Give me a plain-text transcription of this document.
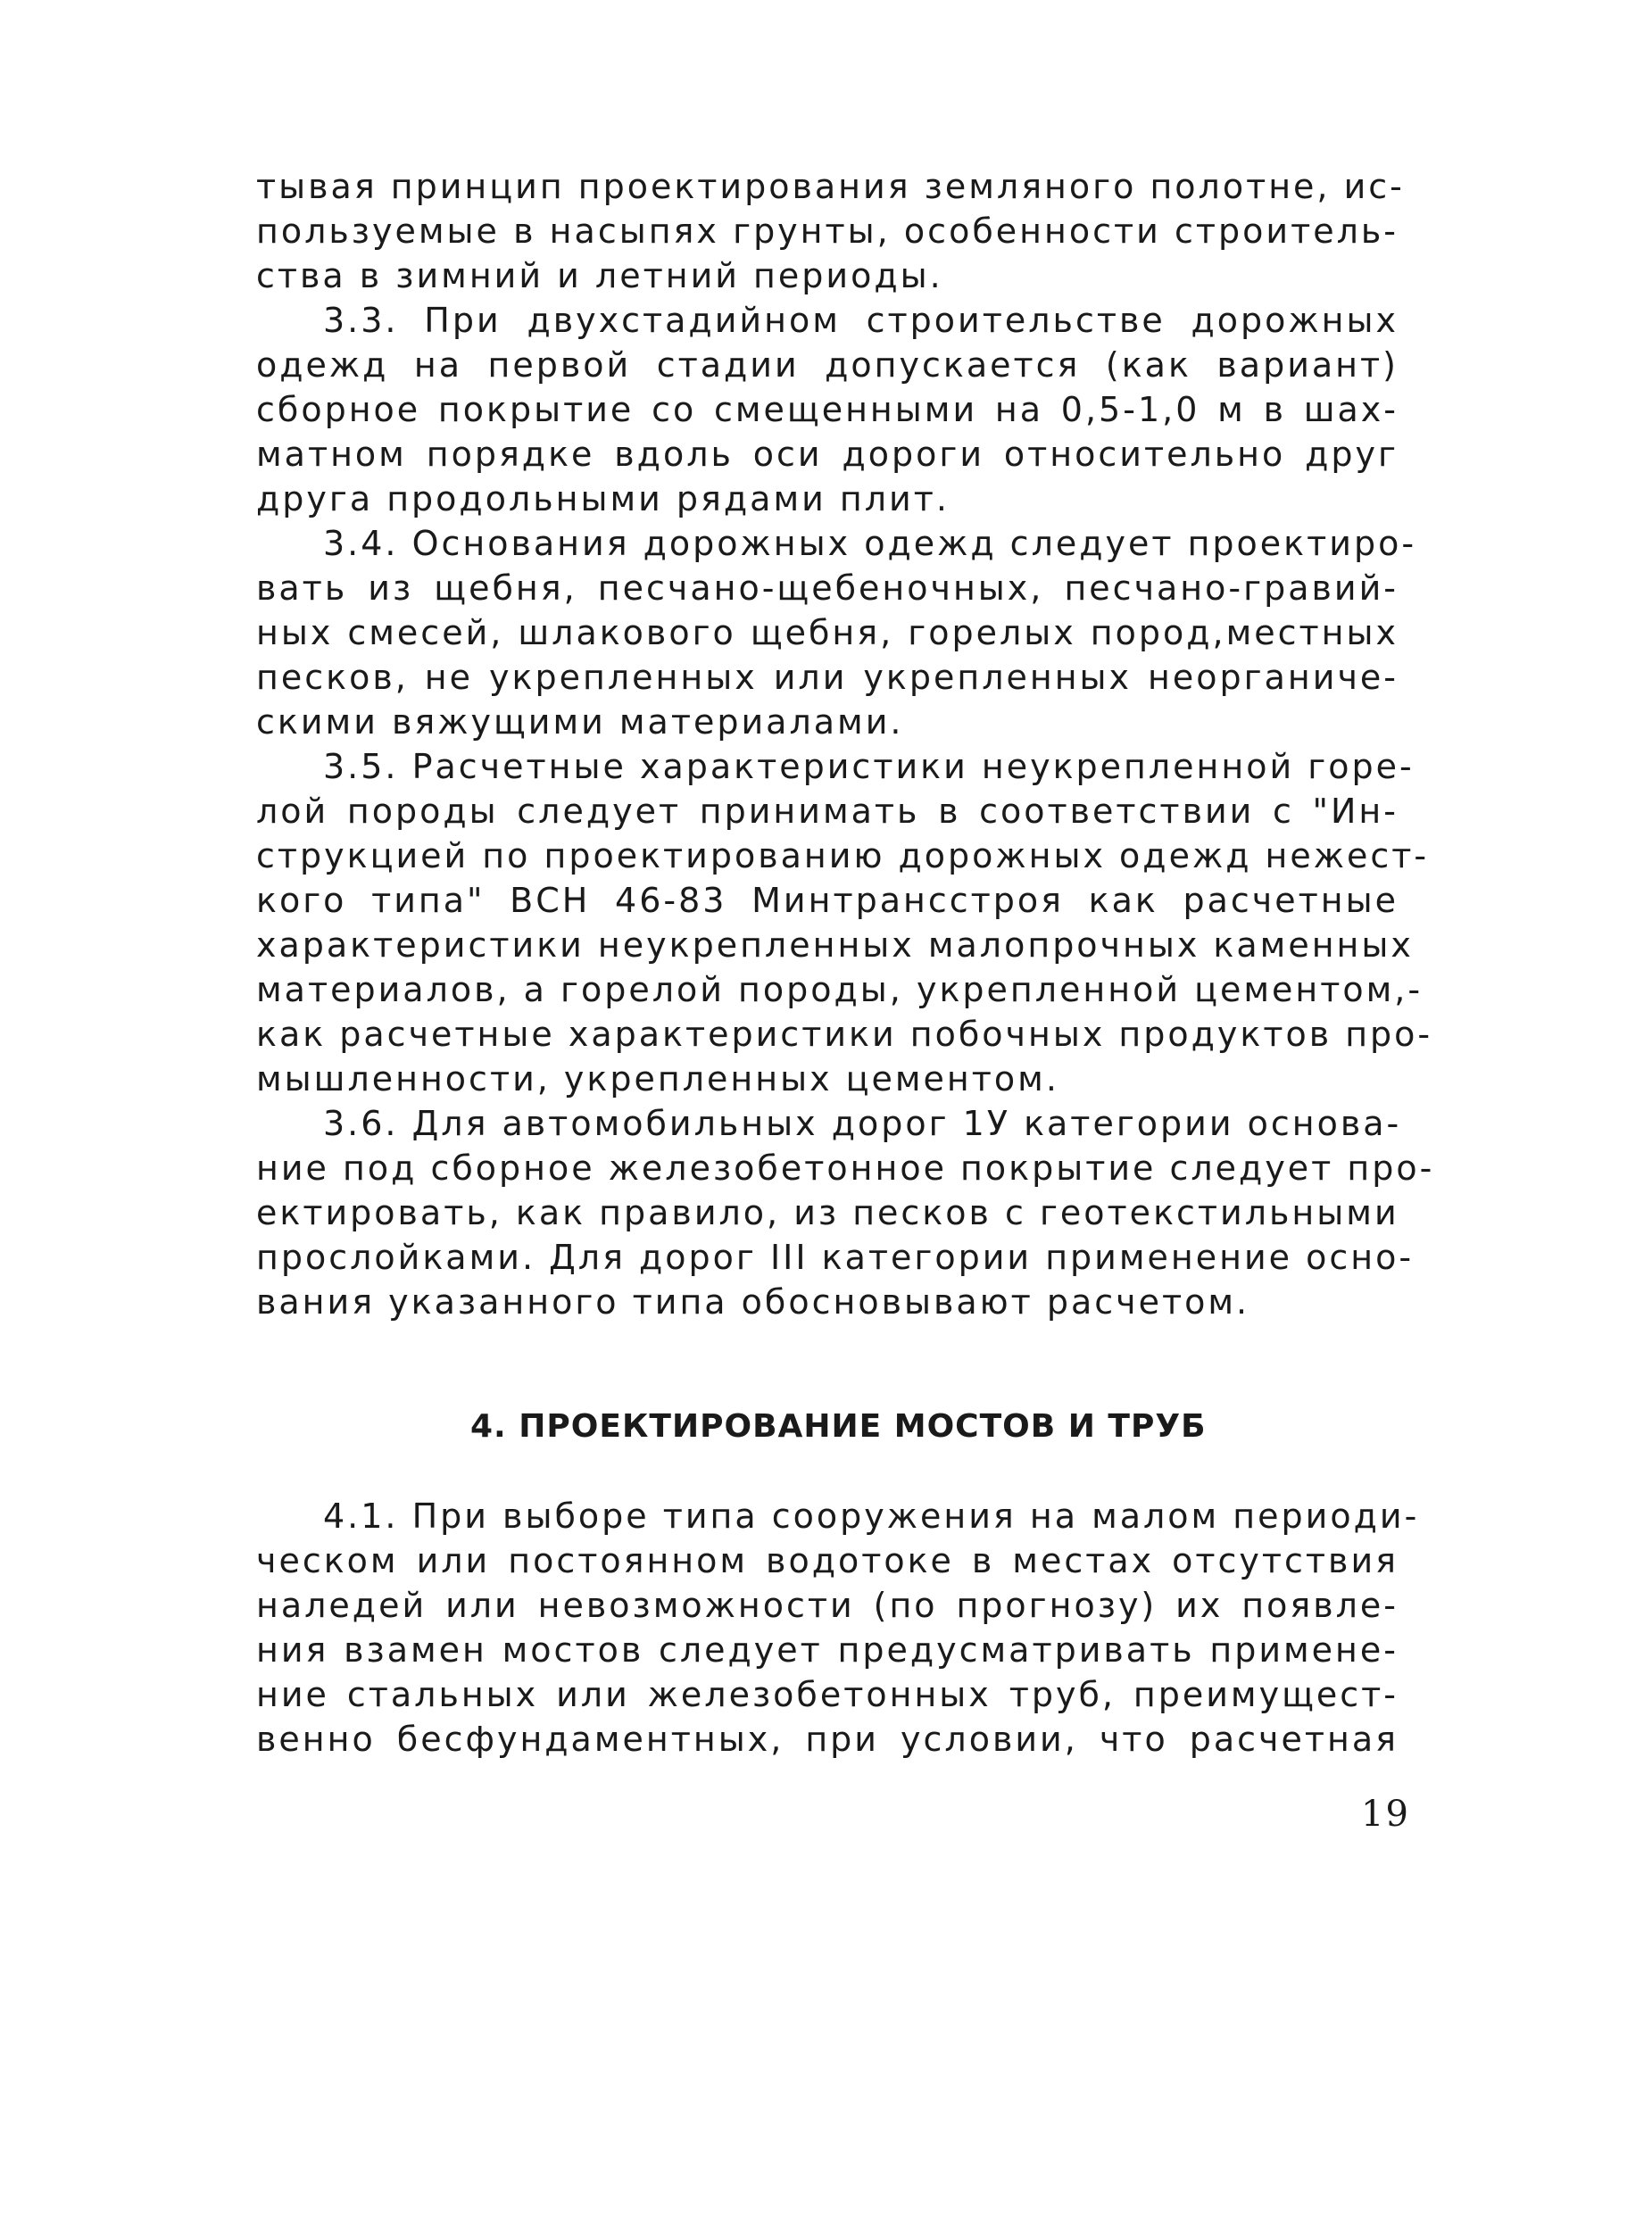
тывая принцип проектирования земляного полотне, ис-
пользуемые в насыпях грунты, особенности строитель-
ства в зимний и летний периоды.
3.3. При двухстадийном строительстве дорожных
одежд на первой стадии допускается (как вариант)
сборное покрытие со смещенными на 0,5-1,0 м в шах-
матном порядке вдоль оси дороги относительно друг
друга продольными рядами плит.
3.4. Основания дорожных одежд следует проектиро-
вать из щебня, песчано-щебеночных, песчано-гравий-
ных смесей, шлакового щебня, горелых пород,местных
песков, не укрепленных или укрепленных неорганиче-
скими вяжущими материалами.
3.5. Расчетные характеристики неукрепленной горе-
лой породы следует принимать в соответствии с "Ин-
струкцией по проектированию дорожных одежд нежест-
кого типа" ВСН 46-83 Минтрансстроя как расчетные
характеристики неукрепленных малопрочных каменных
материалов, а горелой породы, укрепленной цементом,-
как расчетные характеристики побочных продуктов про-
мышленности, укрепленных цементом.
3.6. Для автомобильных дорог 1У категории основа-
ние под сборное железобетонное покрытие следует про-
ектировать, как правило, из песков с геотекстильными
прослойками. Для дорог III категории применение осно-
вания указанного типа обосновывают расчетом.
4. ПРОЕКТИРОВАНИЕ МОСТОВ И ТРУБ
4.1. При выборе типа сооружения на малом периоди-
ческом или постоянном водотоке в местах отсутствия
наледей или невозможности (по прогнозу) их появле-
ния взамен мостов следует предусматривать примене-
ние стальных или железобетонных труб, преимущест-
венно бесфундаментных, при условии, что расчетная
19
